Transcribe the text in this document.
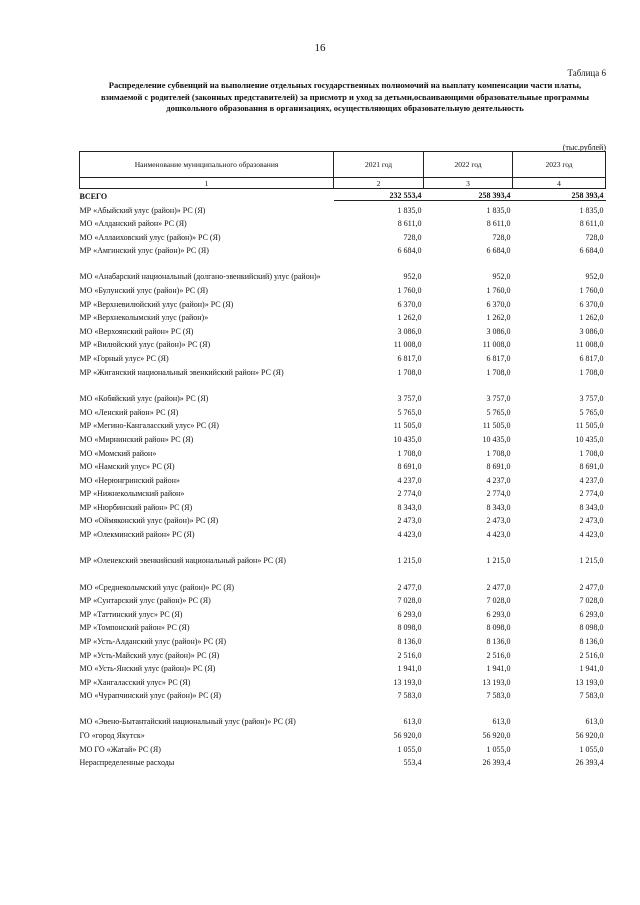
16
Таблица 6
Распределение субвенций на выполнение отдельных государственных полномочий на выплату компенсации части платы, взимаемой с родителей (законных представителей) за присмотр и уход за детьми,осваивающими образовательные программы дошкольного образования в организациях, осуществляющих образовательную деятельность
(тыс.рублей)
Наименование муниципального образования	2021 год	2022 год	2023 год
1	2	3	4
ВСЕГО	232 553,4	258 393,4	258 393,4
МР «Абыйский улус (район)» РС (Я)	1 835,0	1 835,0	1 835,0
МО «Алданский район» РС (Я)	8 611,0	8 611,0	8 611,0
МО «Аллаиховский улус (район)» РС (Я)	728,0	728,0	728,0
МР «Амгинский улус (район)» РС (Я)	6 684,0	6 684,0	6 684,0
МО «Анабарский национальный (долгано-эвенкийский) улус (район)»	952,0	952,0	952,0
МО «Булунский улус (район)» РС (Я)	1 760,0	1 760,0	1 760,0
МР «Верхневилюйский улус (район)» РС (Я)	6 370,0	6 370,0	6 370,0
МР «Верхнеколымский улус (район)»	1 262,0	1 262,0	1 262,0
МО «Верхоянский район» РС (Я)	3 086,0	3 086,0	3 086,0
МР «Вилюйский улус (район)» РС (Я)	11 008,0	11 008,0	11 008,0
МР «Горный улус» РС (Я)	6 817,0	6 817,0	6 817,0
МР «Жиганский национальный эвенкийский район» РС (Я)	1 708,0	1 708,0	1 708,0

МО «Кобяйский улус (район)» РС (Я)	3 757,0	3 757,0	3 757,0
МО «Ленский район» РС (Я)	5 765,0	5 765,0	5 765,0
МР «Мегино-Кангаласский улус» РС (Я)	11 505,0	11 505,0	11 505,0
МО «Мирнинский район» РС (Я)	10 435,0	10 435,0	10 435,0
МО «Момский район»	1 708,0	1 708,0	1 708,0
МО «Намский улус» РС (Я)	8 691,0	8 691,0	8 691,0
МО «Нерюнгринский район»	4 237,0	4 237,0	4 237,0
МР «Нижнеколымский район»	2 774,0	2 774,0	2 774,0
МР «Нюрбинский район» РС (Я)	8 343,0	8 343,0	8 343,0
МО «Оймяконский улус (район)» РС (Я)	2 473,0	2 473,0	2 473,0
МР «Олекминский район» РС (Я)	4 423,0	4 423,0	4 423,0
МР «Оленекский эвенкийский национальный район» РС (Я)	1 215,0	1 215,0	1 215,0

МО «Среднеколымский улус (район)» РС (Я)	2 477,0	2 477,0	2 477,0
МР «Сунтарский улус (район)» РС (Я)	7 028,0	7 028,0	7 028,0
МР «Таттинский улус» РС (Я)	6 293,0	6 293,0	6 293,0
МР «Томпонский район» РС (Я)	8 098,0	8 098,0	8 098,0
МР «Усть-Алданский улус (район)» РС (Я)	8 136,0	8 136,0	8 136,0
МР «Усть-Майский улус (район)» РС (Я)	2 516,0	2 516,0	2 516,0
МО «Усть-Янский улус (район)» РС (Я)	1 941,0	1 941,0	1 941,0
МР «Хангаласский улус» РС (Я)	13 193,0	13 193,0	13 193,0
МО «Чурапчинский улус (район)» РС (Я)	7 583,0	7 583,0	7 583,0
МО «Эвено-Бытантайский национальный улус (район)» РС (Я)	613,0	613,0	613,0
ГО «город Якутск»	56 920,0	56 920,0	56 920,0
МО ГО «Жатай» РС (Я)	1 055,0	1 055,0	1 055,0
Нераспределенные расходы	553,4	26 393,4	26 393,4
